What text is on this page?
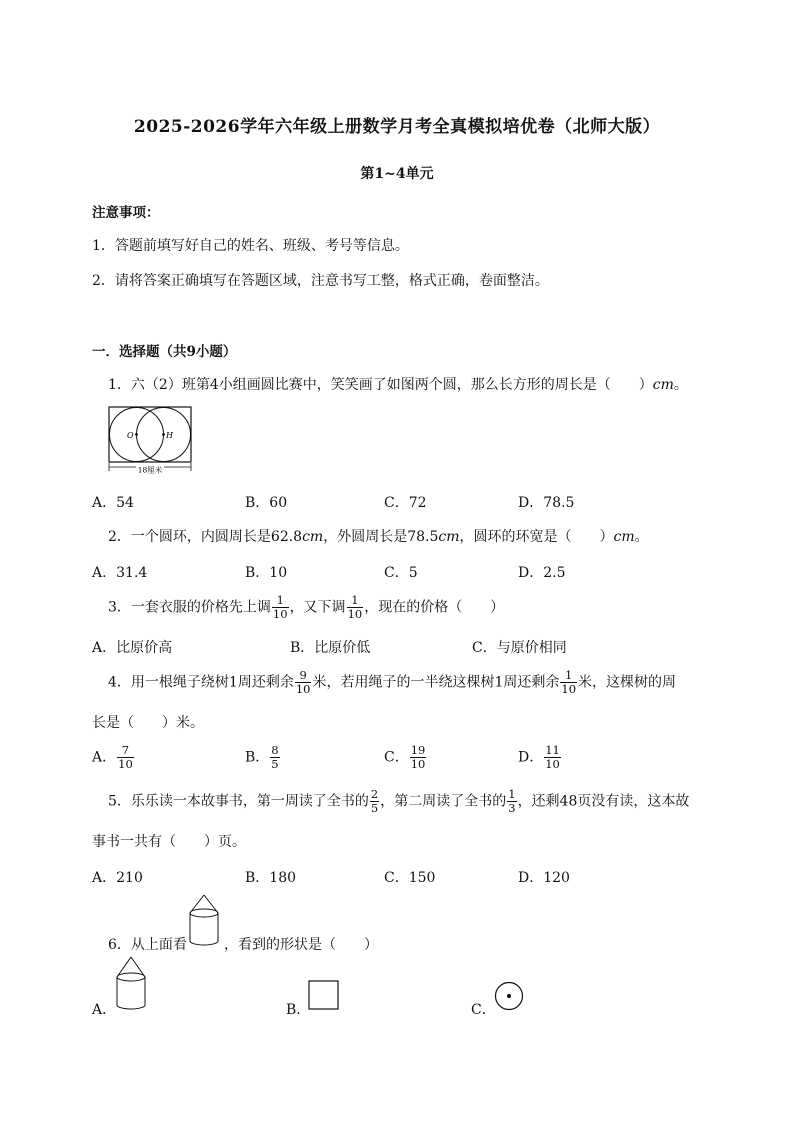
2025-2026学年六年级上册数学月考全真模拟培优卷（北师大版）
第1~4单元
注意事项：
1．答题前填写好自己的姓名、班级、考号等信息。
2．请将答案正确填写在答题区域，注意书写工整，格式正确，卷面整洁。
一．选择题（共9小题）
1．六（2）班第4小组画圆比赛中，笑笑画了如图两个圆，那么长方形的周长是（　　）cm。
O	H
18厘米
A．54	B．60	C．72	D．78.5
2．一个圆环，内圆周长是62.8cm，外圆周长是78.5cm，圆环的环宽是（　　）cm。
A．31.4	B．10	C．5	D．2.5
3．一套衣服的价格先上调 $\frac{1}{10}$ ，又下调 $\frac{1}{10}$ ，现在的价格（　　）
A．比原价高	B．比原价低	C．与原价相同
4．用一根绳子绕树1周还剩余 $\frac{9}{10}$ 米，若用绳子的一半绕这棵树1周还剩余 $\frac{1}{10}$ 米，这棵树的周
长是（　　）米。
A． $\frac{7}{10}$	B． $\frac{8}{5}$	C． $\frac{19}{10}$	D． $\frac{11}{10}$
5．乐乐读一本故事书，第一周读了全书的 $\frac{2}{5}$ ，第二周读了全书的 $\frac{1}{3}$ ，还剩48页没有读，这本故
事书一共有（　　）页。
A．210	B．180	C．150	D．120
6．从上面看	，看到的形状是（　　）
A．	B．	C．
